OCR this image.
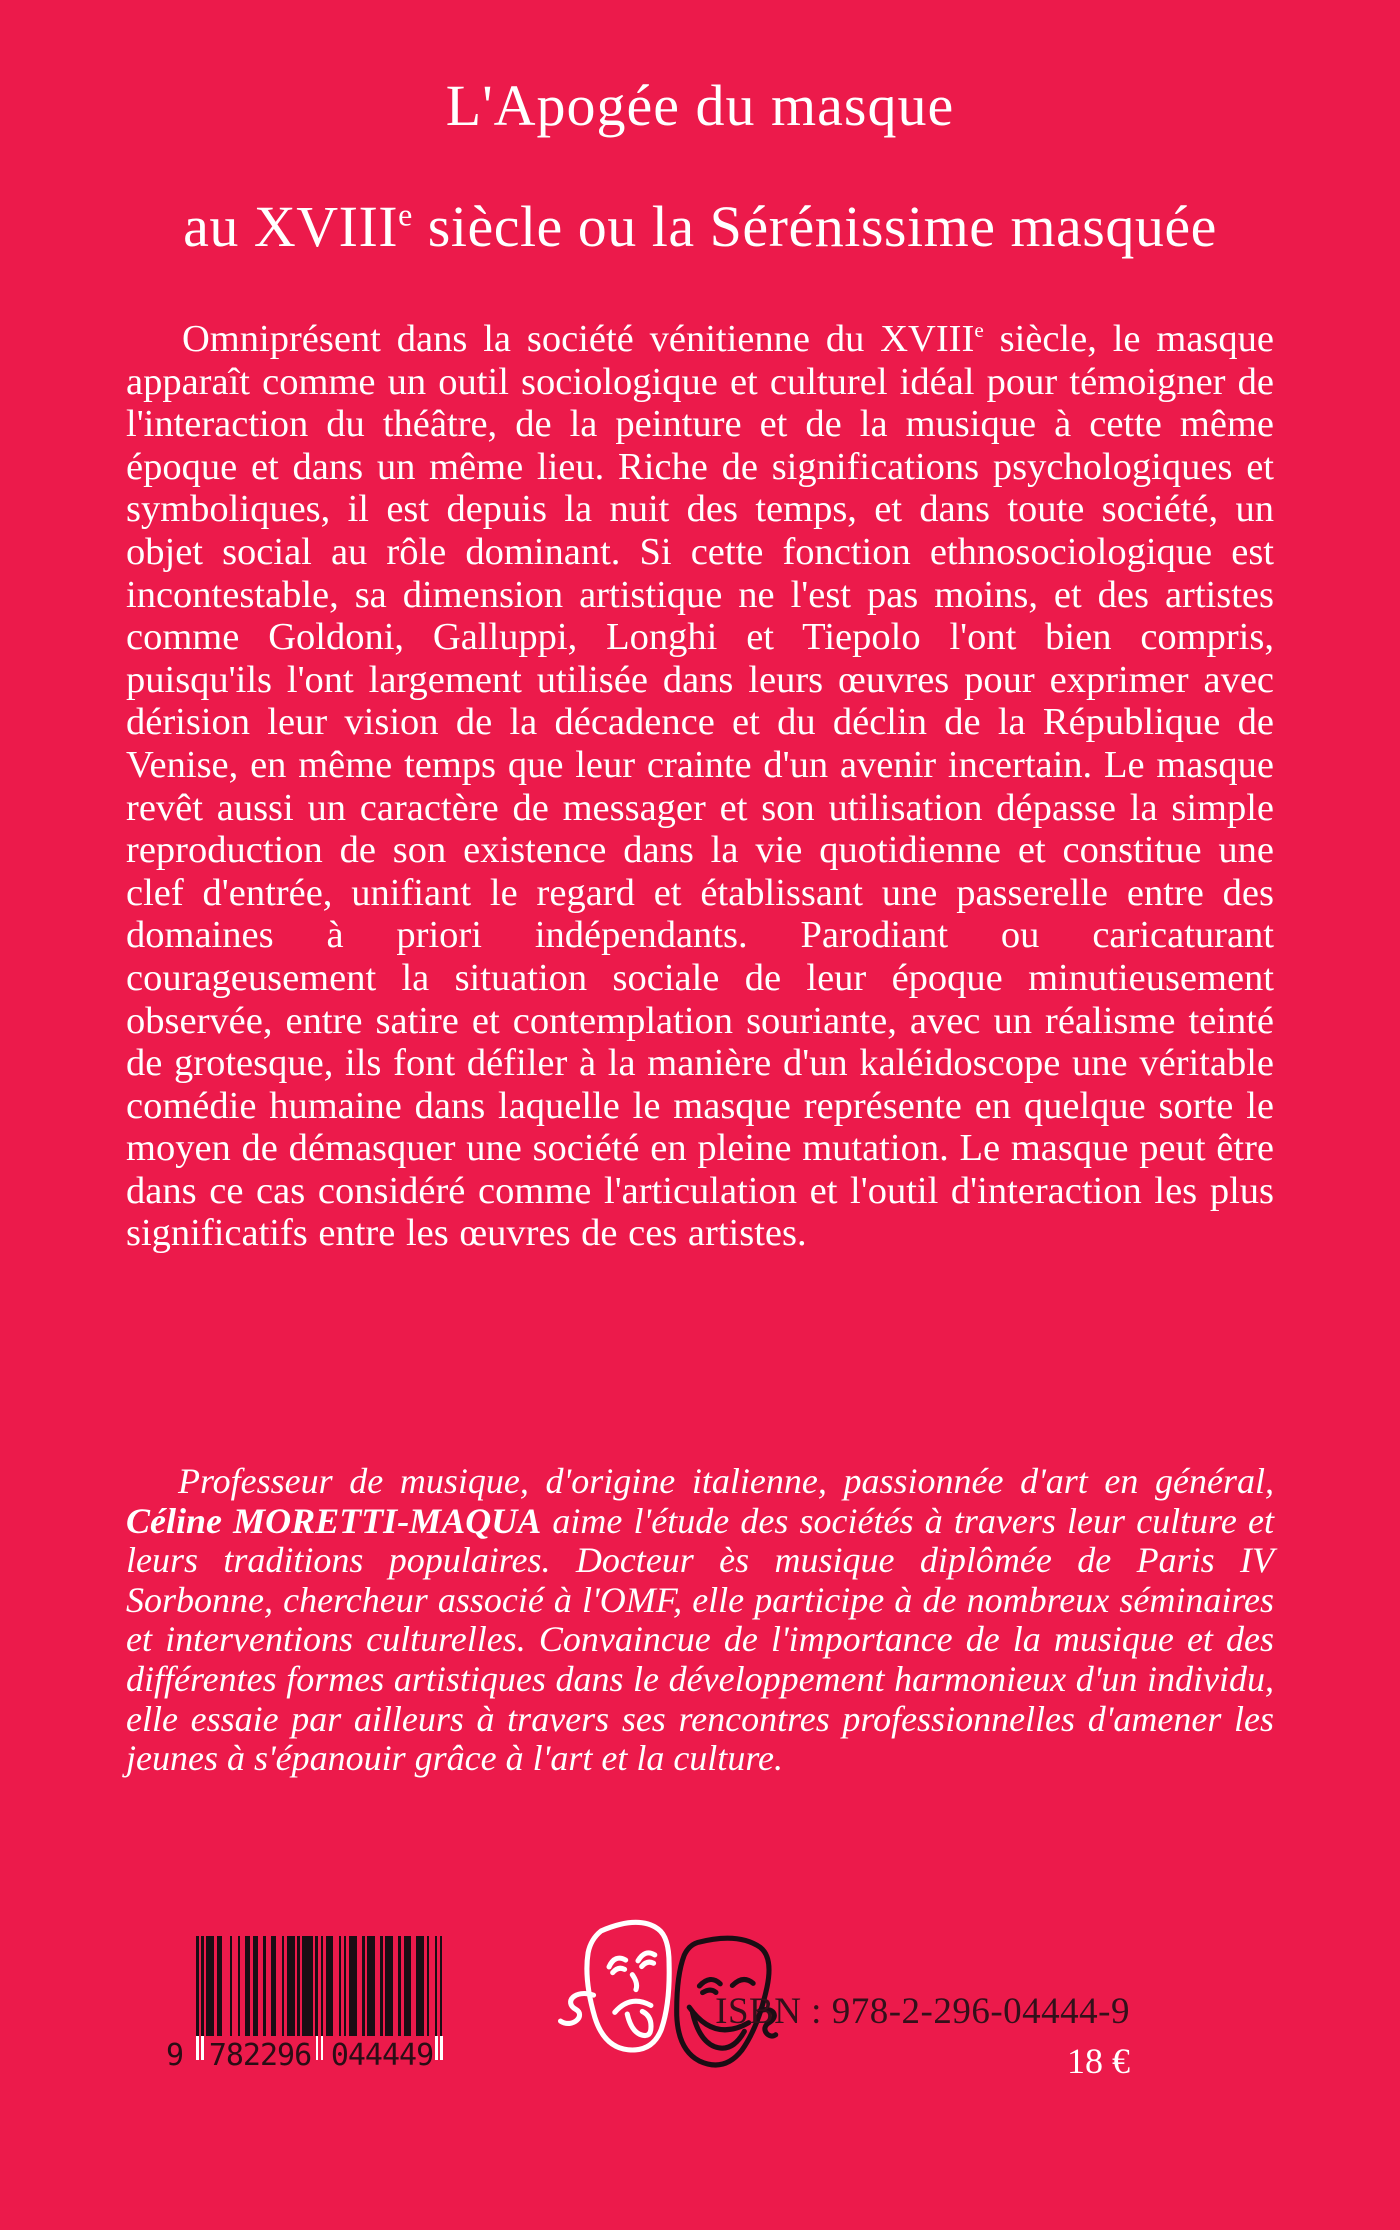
L'Apogée du masque
au XVIIIe siècle ou la Sérénissime masquée
Omniprésent dans la société vénitienne du XVIIIe siècle, le masque apparaît comme un outil sociologique et culturel idéal pour témoigner de l'interaction du théâtre, de la peinture et de la musique à cette même époque et dans un même lieu. Riche de significations psychologiques et symboliques, il est depuis la nuit des temps, et dans toute société, un objet social au rôle dominant. Si cette fonction ethnosociologique est incontestable, sa dimension artistique ne l'est pas moins, et des artistes comme Goldoni, Galluppi, Longhi et Tiepolo l'ont bien compris, puisqu'ils l'ont largement utilisée dans leurs œuvres pour exprimer avec dérision leur vision de la décadence et du déclin de la République de Venise, en même temps que leur crainte d'un avenir incertain. Le masque revêt aussi un caractère de messager et son utilisation dépasse la simple reproduction de son existence dans la vie quotidienne et constitue une clef d'entrée, unifiant le regard et établissant une passerelle entre des domaines à priori indépendants. Parodiant ou caricaturant courageusement la situation sociale de leur époque minutieusement observée, entre satire et contemplation souriante, avec un réalisme teinté de grotesque, ils font défiler à la manière d'un kaléidoscope une véritable comédie humaine dans laquelle le masque représente en quelque sorte le moyen de démasquer une société en pleine mutation. Le masque peut être dans ce cas considéré comme l'articulation et l'outil d'interaction les plus significatifs entre les œuvres de ces artistes.
Professeur de musique, d'origine italienne, passionnée d'art en général, Céline MORETTI-MAQUA aime l'étude des sociétés à travers leur culture et leurs traditions populaires. Docteur ès musique diplômée de Paris IV Sorbonne, chercheur associé à l'OMF, elle participe à de nombreux séminaires et interventions culturelles. Convaincue de l'importance de la musique et des différentes formes artistiques dans le développement harmonieux d'un individu, elle essaie par ailleurs à travers ses rencontres professionnelles d'amener les jeunes à s'épanouir grâce à l'art et la culture.
9 782296 044449
ISBN : 978-2-296-04444-9
18 €
